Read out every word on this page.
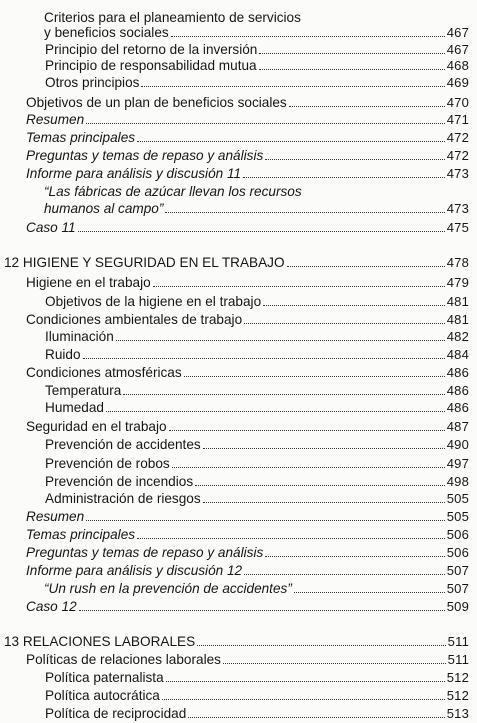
Criterios para el planeamiento de servicios
y beneficios sociales	467
Principio del retorno de la inversión	467
Principio de responsabilidad mutua	468
Otros principios	469
Objetivos de un plan de beneficios sociales	470
Resumen	471
Temas principales	472
Preguntas y temas de repaso y análisis	472
Informe para análisis y discusión 11	473
“Las fábricas de azúcar llevan los recursos
humanos al campo”	473
Caso 11	475
12 HIGIENE Y SEGURIDAD EN EL TRABAJO	478
Higiene en el trabajo	479
Objetivos de la higiene en el trabajo	481
Condiciones ambientales de trabajo	481
Iluminación	482
Ruido	484
Condiciones atmosféricas	486
Temperatura	486
Humedad	486
Seguridad en el trabajo	487
Prevención de accidentes	490
Prevención de robos	497
Prevención de incendios	498
Administración de riesgos	505
Resumen	505
Temas principales	506
Preguntas y temas de repaso y análisis	506
Informe para análisis y discusión 12	507
“Un rush en la prevención de accidentes”	507
Caso 12	509
13 RELACIONES LABORALES	511
Políticas de relaciones laborales	511
Política paternalista	512
Política autocrática	512
Política de reciprocidad	513
